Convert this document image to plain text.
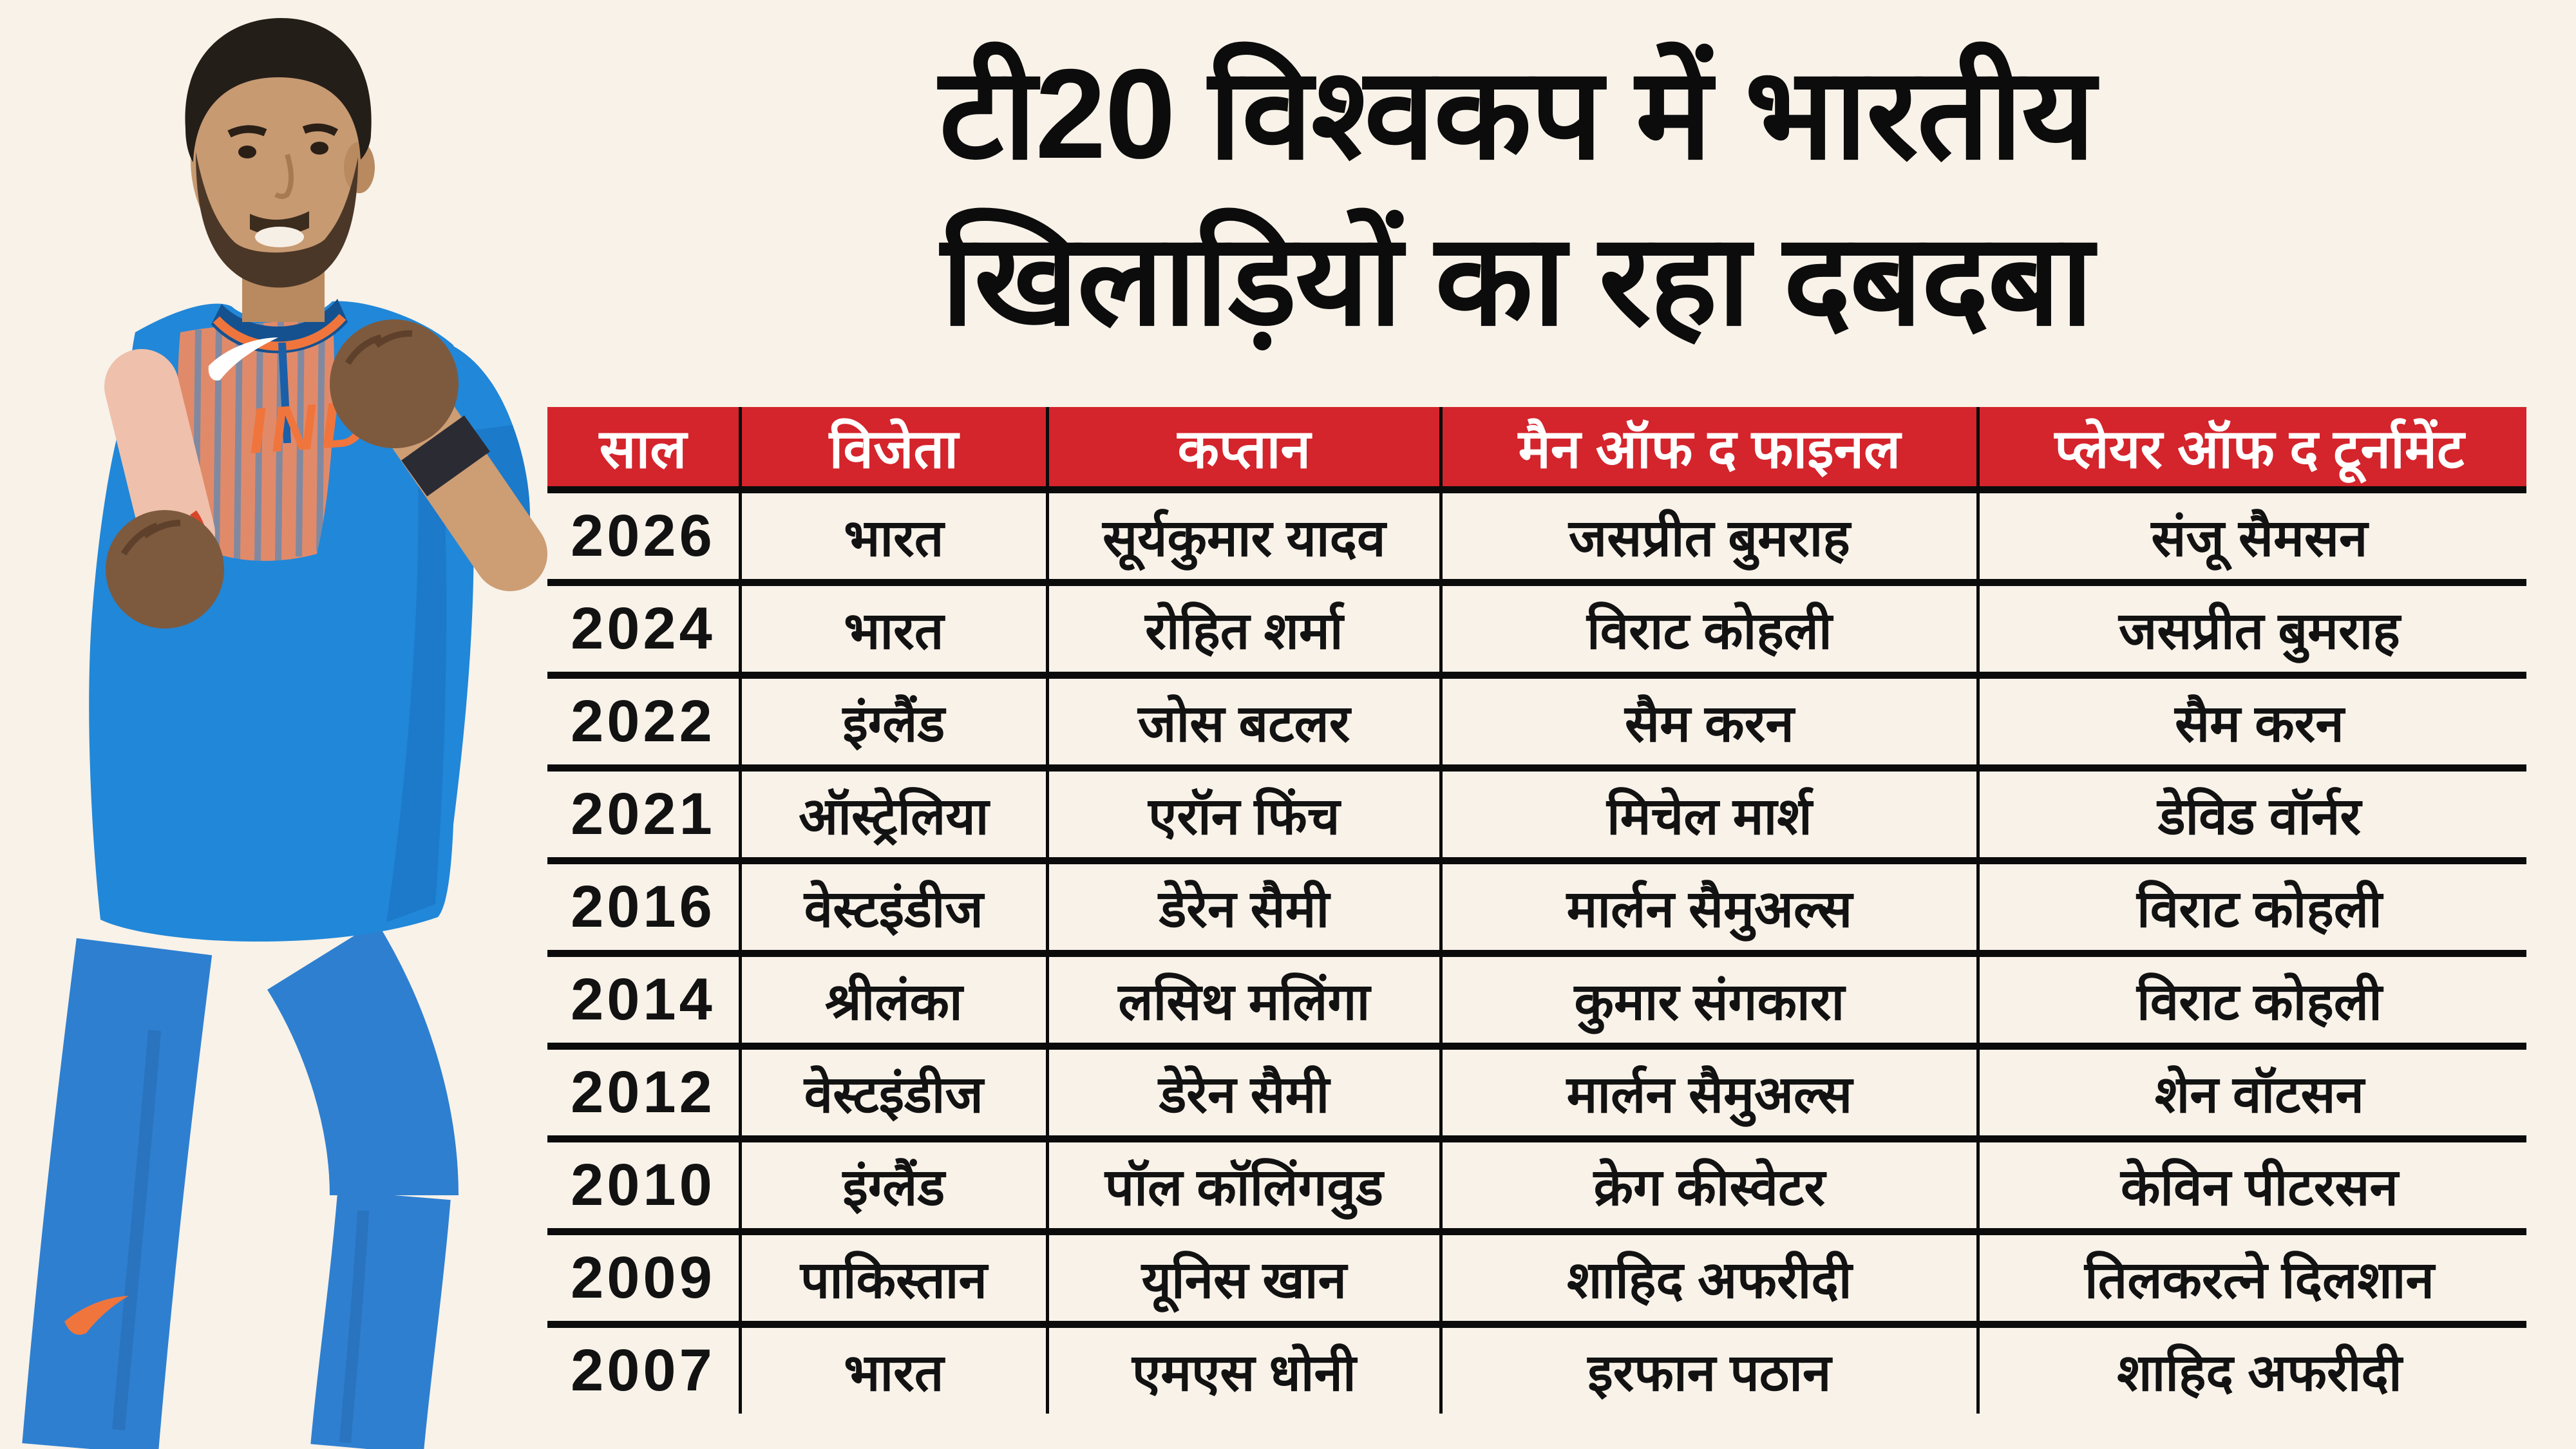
टी20 विश्वकप में भारतीय
खिलाड़ियों का रहा दबदबा
साल	विजेता	कप्तान	मैन ऑफ द फाइनल	प्लेयर ऑफ द टूर्नामेंट
2026	भारत	सूर्यकुमार यादव	जसप्रीत बुमराह	संजू सैमसन
2024	भारत	रोहित शर्मा	विराट कोहली	जसप्रीत बुमराह
2022	इंग्लैंड	जोस बटलर	सैम करन	सैम करन
2021	ऑस्ट्रेलिया	एरॉन फिंच	मिचेल मार्श	डेविड वॉर्नर
2016	वेस्टइंडीज	डेरेन सैमी	मार्लन सैमुअल्स	विराट कोहली
2014	श्रीलंका	लसिथ मलिंगा	कुमार संगकारा	विराट कोहली
2012	वेस्टइंडीज	डेरेन सैमी	मार्लन सैमुअल्स	शेन वॉटसन
2010	इंग्लैंड	पॉल कॉलिंगवुड	क्रेग कीस्वेटर	केविन पीटरसन
2009	पाकिस्तान	यूनिस खान	शाहिद अफरीदी	तिलकरत्ने दिलशान
2007	भारत	एमएस धोनी	इरफान पठान	शाहिद अफरीदी
